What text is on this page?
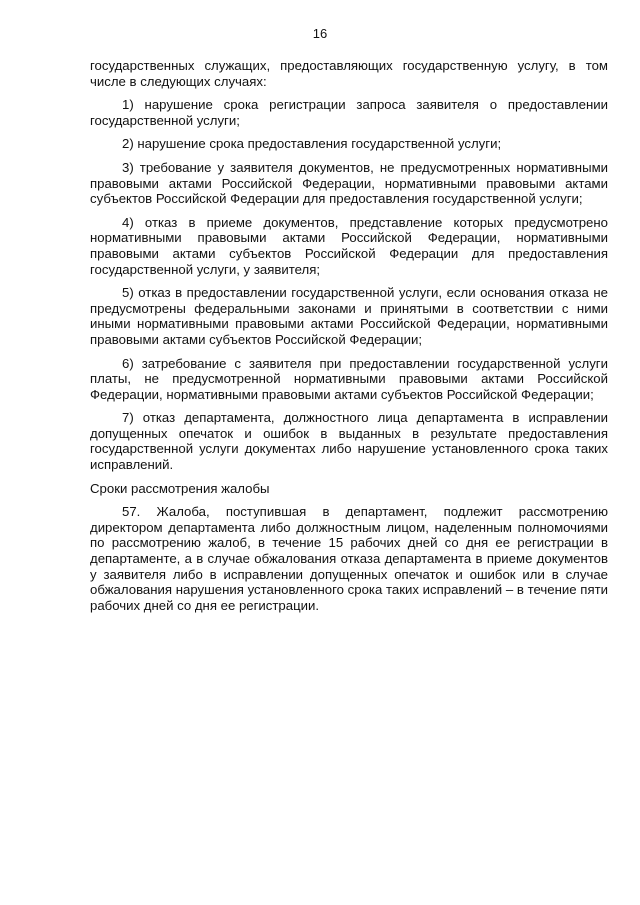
16

государственных служащих, предоставляющих государственную услугу, в том числе в следующих случаях:

1) нарушение срока регистрации запроса заявителя о предоставлении государственной услуги;

2) нарушение срока предоставления государственной услуги;

3) требование у заявителя документов, не предусмотренных нормативными правовыми актами Российской Федерации, нормативными правовыми актами субъектов Российской Федерации для предоставления государственной услуги;

4) отказ в приеме документов, представление которых предусмотрено нормативными правовыми актами Российской Федерации, нормативными правовыми актами субъектов Российской Федерации для предоставления государственной услуги, у заявителя;

5) отказ в предоставлении государственной услуги, если основания отказа не предусмотрены федеральными законами и принятыми в соответствии с ними иными нормативными правовыми актами Российской Федерации, нормативными правовыми актами субъектов Российской Федерации;

6) затребование с заявителя при предоставлении государственной услуги платы, не предусмотренной нормативными правовыми актами Российской Федерации, нормативными правовыми актами субъектов Российской Федерации;

7) отказ департамента, должностного лица департамента в исправлении допущенных опечаток и ошибок в выданных в результате предоставления государственной услуги документах либо нарушение установленного срока таких исправлений.

Сроки рассмотрения жалобы

57. Жалоба, поступившая в департамент, подлежит рассмотрению директором департамента либо должностным лицом, наделенным полномочиями по рассмотрению жалоб, в течение 15 рабочих дней со дня ее регистрации в департаменте, а в случае обжалования отказа департамента в приеме документов у заявителя либо в исправлении допущенных опечаток и ошибок или в случае обжалования нарушения установленного срока таких исправлений – в течение пяти рабочих дней со дня ее регистрации.
